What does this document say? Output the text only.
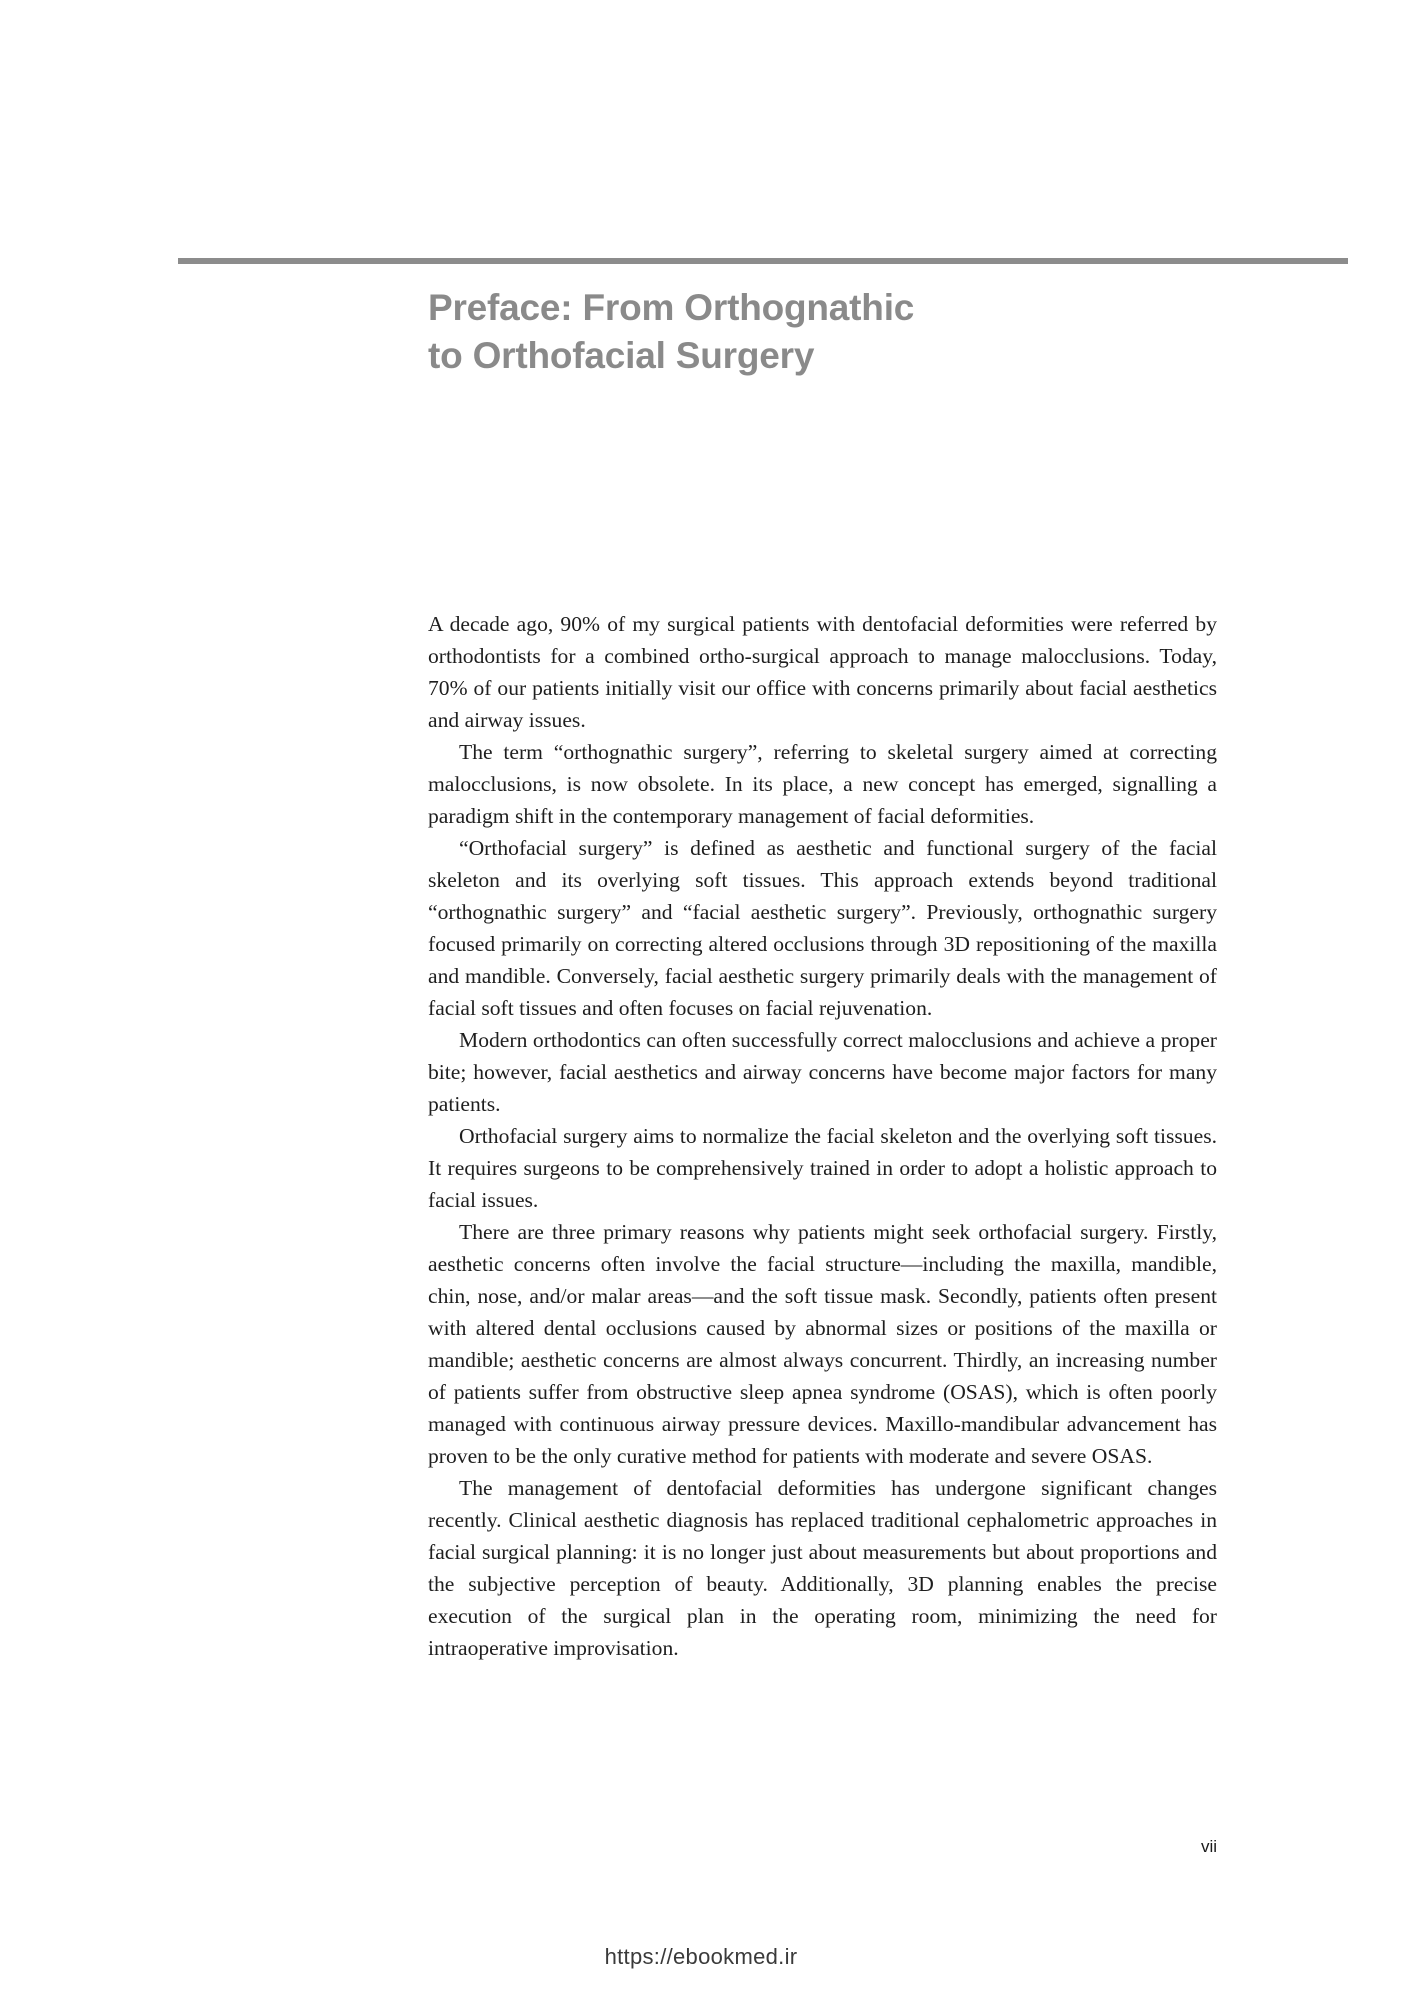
Preface: From Orthognathic
to Orthofacial Surgery

A decade ago, 90% of my surgical patients with dentofacial deformities were referred by orthodontists for a combined ortho-surgical approach to manage malocclusions. Today, 70% of our patients initially visit our office with concerns primarily about facial aesthetics and airway issues.

The term “orthognathic surgery”, referring to skeletal surgery aimed at correcting malocclusions, is now obsolete. In its place, a new concept has emerged, signalling a paradigm shift in the contemporary management of facial deformities.

“Orthofacial surgery” is defined as aesthetic and functional surgery of the facial skeleton and its overlying soft tissues. This approach extends beyond traditional “orthognathic surgery” and “facial aesthetic surgery”. Previously, orthognathic surgery focused primarily on correcting altered occlusions through 3D repositioning of the maxilla and mandible. Conversely, facial aesthetic surgery primarily deals with the management of facial soft tissues and often focuses on facial rejuvenation.

Modern orthodontics can often successfully correct malocclusions and achieve a proper bite; however, facial aesthetics and airway concerns have become major factors for many patients.

Orthofacial surgery aims to normalize the facial skeleton and the overlying soft tissues. It requires surgeons to be comprehensively trained in order to adopt a holistic approach to facial issues.

There are three primary reasons why patients might seek orthofacial surgery. Firstly, aesthetic concerns often involve the facial structure—including the maxilla, mandible, chin, nose, and/or malar areas—and the soft tissue mask. Secondly, patients often present with altered dental occlusions caused by abnormal sizes or positions of the maxilla or mandible; aesthetic concerns are almost always concurrent. Thirdly, an increasing number of patients suffer from obstructive sleep apnea syndrome (OSAS), which is often poorly managed with continuous airway pressure devices. Maxillo-mandibular advancement has proven to be the only curative method for patients with moderate and severe OSAS.

The management of dentofacial deformities has undergone significant changes recently. Clinical aesthetic diagnosis has replaced traditional cephalometric approaches in facial surgical planning: it is no longer just about measurements but about proportions and the subjective perception of beauty. Additionally, 3D planning enables the precise execution of the surgical plan in the operating room, minimizing the need for intraoperative improvisation.

vii
https://ebookmed.ir
